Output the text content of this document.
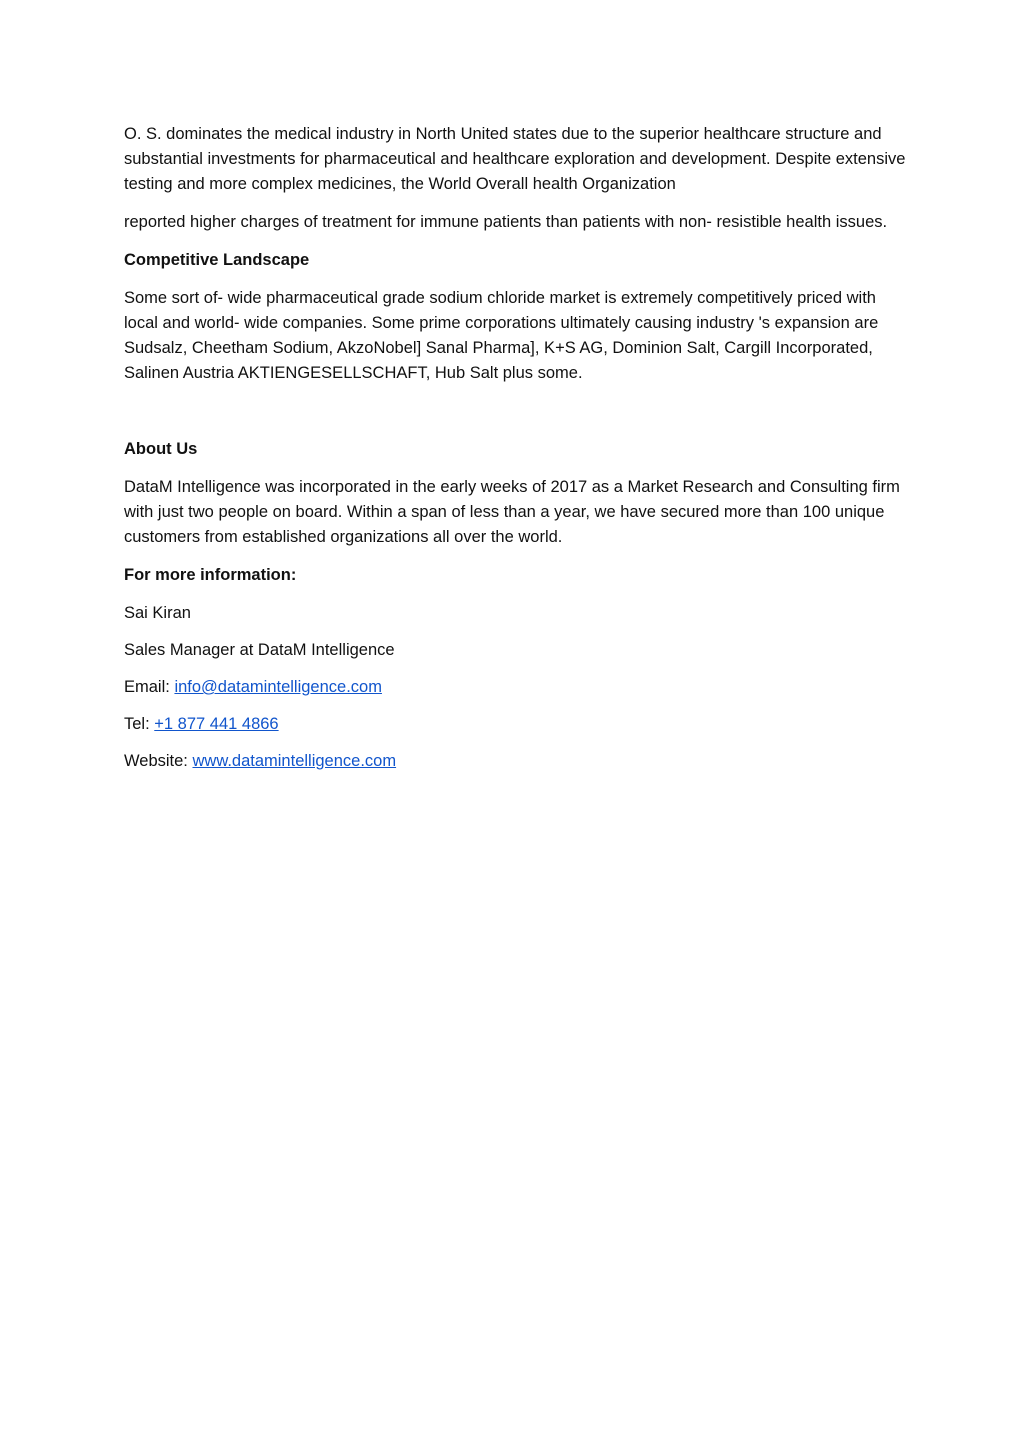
O. S. dominates the medical industry in North United states due to the superior healthcare structure and substantial investments for pharmaceutical and healthcare exploration and development. Despite extensive testing and more complex medicines, the World Overall health Organization

reported higher charges of treatment for immune patients than patients with non- resistible health issues.

Competitive Landscape

Some sort of- wide pharmaceutical grade sodium chloride market is extremely competitively priced with local and world- wide companies. Some prime corporations ultimately causing industry 's expansion are Sudsalz, Cheetham Sodium, AkzoNobel] Sanal Pharma], K+S AG, Dominion Salt, Cargill Incorporated, Salinen Austria AKTIENGESELLSCHAFT, Hub Salt plus some.

About Us

DataM Intelligence was incorporated in the early weeks of 2017 as a Market Research and Consulting firm with just two people on board. Within a span of less than a year, we have secured more than 100 unique customers from established organizations all over the world.

For more information:

Sai Kiran

Sales Manager at DataM Intelligence

Email: info@datamintelligence.com

Tel: +1 877 441 4866

Website: www.datamintelligence.com
